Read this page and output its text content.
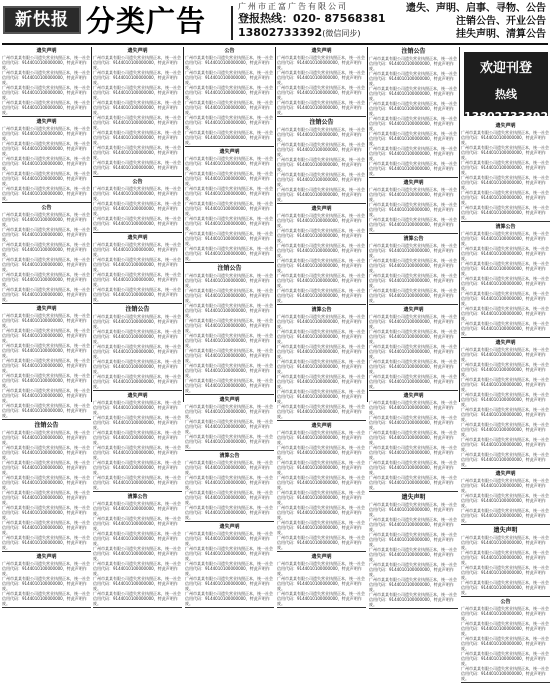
新快报 分类广告	广州市正富广告有限公司
登报热线：020- 87568381
13802733392(微信同步)
遗失、声明、启事、寻物、公告
注销公告、开业公告
挂失声明、清算公告
欢迎刊登
热线 13802733392
遗失声明
广州市某某有限公司遗失营业执照正本，统一社会信用代码：9144010100000000，特此声明作废。
广州市某某有限公司遗失营业执照正本，统一社会信用代码：9144010100000000，特此声明作废。
广州市某某有限公司遗失营业执照正本，统一社会信用代码：9144010100000000，特此声明作废。
广州市某某有限公司遗失营业执照正本，统一社会信用代码：9144010100000000，特此声明作废。
遗失声明
广州市某某有限公司遗失营业执照正本，统一社会信用代码：9144010100000000，特此声明作废。
广州市某某有限公司遗失营业执照正本，统一社会信用代码：9144010100000000，特此声明作废。
广州市某某有限公司遗失营业执照正本，统一社会信用代码：9144010100000000，特此声明作废。
广州市某某有限公司遗失营业执照正本，统一社会信用代码：9144010100000000，特此声明作废。
广州市某某有限公司遗失营业执照正本，统一社会信用代码：9144010100000000，特此声明作废。
公告
广州市某某有限公司遗失营业执照正本，统一社会信用代码：9144010100000000，特此声明作废。
广州市某某有限公司遗失营业执照正本，统一社会信用代码：9144010100000000，特此声明作废。
广州市某某有限公司遗失营业执照正本，统一社会信用代码：9144010100000000，特此声明作废。
广州市某某有限公司遗失营业执照正本，统一社会信用代码：9144010100000000，特此声明作废。
广州市某某有限公司遗失营业执照正本，统一社会信用代码：9144010100000000，特此声明作废。
广州市某某有限公司遗失营业执照正本，统一社会信用代码：9144010100000000，特此声明作废。
遗失声明
广州市某某有限公司遗失营业执照正本，统一社会信用代码：9144010100000000，特此声明作废。
广州市某某有限公司遗失营业执照正本，统一社会信用代码：9144010100000000，特此声明作废。
广州市某某有限公司遗失营业执照正本，统一社会信用代码：9144010100000000，特此声明作废。
广州市某某有限公司遗失营业执照正本，统一社会信用代码：9144010100000000，特此声明作废。
广州市某某有限公司遗失营业执照正本，统一社会信用代码：9144010100000000，特此声明作废。
广州市某某有限公司遗失营业执照正本，统一社会信用代码：9144010100000000，特此声明作废。
广州市某某有限公司遗失营业执照正本，统一社会信用代码：9144010100000000，特此声明作废。
注销公告
广州市某某有限公司遗失营业执照正本，统一社会信用代码：9144010100000000，特此声明作废。
广州市某某有限公司遗失营业执照正本，统一社会信用代码：9144010100000000，特此声明作废。
广州市某某有限公司遗失营业执照正本，统一社会信用代码：9144010100000000，特此声明作废。
广州市某某有限公司遗失营业执照正本，统一社会信用代码：9144010100000000，特此声明作废。
广州市某某有限公司遗失营业执照正本，统一社会信用代码：9144010100000000，特此声明作废。
广州市某某有限公司遗失营业执照正本，统一社会信用代码：9144010100000000，特此声明作废。
广州市某某有限公司遗失营业执照正本，统一社会信用代码：9144010100000000，特此声明作废。
广州市某某有限公司遗失营业执照正本，统一社会信用代码：9144010100000000，特此声明作废。
遗失声明
广州市某某有限公司遗失营业执照正本，统一社会信用代码：9144010100000000，特此声明作废。
广州市某某有限公司遗失营业执照正本，统一社会信用代码：9144010100000000，特此声明作废。
广州市某某有限公司遗失营业执照正本，统一社会信用代码：9144010100000000，特此声明作废。
遗失声明
广州市某某有限公司遗失营业执照正本，统一社会信用代码：9144010100000000，特此声明作废。
广州市某某有限公司遗失营业执照正本，统一社会信用代码：9144010100000000，特此声明作废。
广州市某某有限公司遗失营业执照正本，统一社会信用代码：9144010100000000，特此声明作废。
广州市某某有限公司遗失营业执照正本，统一社会信用代码：9144010100000000，特此声明作废。
广州市某某有限公司遗失营业执照正本，统一社会信用代码：9144010100000000，特此声明作废。
广州市某某有限公司遗失营业执照正本，统一社会信用代码：9144010100000000，特此声明作废。
广州市某某有限公司遗失营业执照正本，统一社会信用代码：9144010100000000，特此声明作废。
广州市某某有限公司遗失营业执照正本，统一社会信用代码：9144010100000000，特此声明作废。
公告
广州市某某有限公司遗失营业执照正本，统一社会信用代码：9144010100000000，特此声明作废。
广州市某某有限公司遗失营业执照正本，统一社会信用代码：9144010100000000，特此声明作废。
广州市某某有限公司遗失营业执照正本，统一社会信用代码：9144010100000000，特此声明作废。
遗失声明
广州市某某有限公司遗失营业执照正本，统一社会信用代码：9144010100000000，特此声明作废。
广州市某某有限公司遗失营业执照正本，统一社会信用代码：9144010100000000，特此声明作废。
广州市某某有限公司遗失营业执照正本，统一社会信用代码：9144010100000000，特此声明作废。
广州市某某有限公司遗失营业执照正本，统一社会信用代码：9144010100000000，特此声明作废。
注销公告
广州市某某有限公司遗失营业执照正本，统一社会信用代码：9144010100000000，特此声明作废。
广州市某某有限公司遗失营业执照正本，统一社会信用代码：9144010100000000，特此声明作废。
广州市某某有限公司遗失营业执照正本，统一社会信用代码：9144010100000000，特此声明作废。
广州市某某有限公司遗失营业执照正本，统一社会信用代码：9144010100000000，特此声明作废。
广州市某某有限公司遗失营业执照正本，统一社会信用代码：9144010100000000，特此声明作废。
遗失声明
广州市某某有限公司遗失营业执照正本，统一社会信用代码：9144010100000000，特此声明作废。
广州市某某有限公司遗失营业执照正本，统一社会信用代码：9144010100000000，特此声明作废。
广州市某某有限公司遗失营业执照正本，统一社会信用代码：9144010100000000，特此声明作废。
广州市某某有限公司遗失营业执照正本，统一社会信用代码：9144010100000000，特此声明作废。
广州市某某有限公司遗失营业执照正本，统一社会信用代码：9144010100000000，特此声明作废。
广州市某某有限公司遗失营业执照正本，统一社会信用代码：9144010100000000，特此声明作废。
清算公告
广州市某某有限公司遗失营业执照正本，统一社会信用代码：9144010100000000，特此声明作废。
广州市某某有限公司遗失营业执照正本，统一社会信用代码：9144010100000000，特此声明作废。
广州市某某有限公司遗失营业执照正本，统一社会信用代码：9144010100000000，特此声明作废。
广州市某某有限公司遗失营业执照正本，统一社会信用代码：9144010100000000，特此声明作废。
广州市某某有限公司遗失营业执照正本，统一社会信用代码：9144010100000000，特此声明作废。
广州市某某有限公司遗失营业执照正本，统一社会信用代码：9144010100000000，特此声明作废。
广州市某某有限公司遗失营业执照正本，统一社会信用代码：9144010100000000，特此声明作废。
公告
广州市某某有限公司遗失营业执照正本，统一社会信用代码：9144010100000000，特此声明作废。
广州市某某有限公司遗失营业执照正本，统一社会信用代码：9144010100000000，特此声明作废。
广州市某某有限公司遗失营业执照正本，统一社会信用代码：9144010100000000，特此声明作废。
广州市某某有限公司遗失营业执照正本，统一社会信用代码：9144010100000000，特此声明作废。
广州市某某有限公司遗失营业执照正本，统一社会信用代码：9144010100000000，特此声明作废。
广州市某某有限公司遗失营业执照正本，统一社会信用代码：9144010100000000，特此声明作废。
遗失声明
广州市某某有限公司遗失营业执照正本，统一社会信用代码：9144010100000000，特此声明作废。
广州市某某有限公司遗失营业执照正本，统一社会信用代码：9144010100000000，特此声明作废。
广州市某某有限公司遗失营业执照正本，统一社会信用代码：9144010100000000，特此声明作废。
广州市某某有限公司遗失营业执照正本，统一社会信用代码：9144010100000000，特此声明作废。
广州市某某有限公司遗失营业执照正本，统一社会信用代码：9144010100000000，特此声明作废。
广州市某某有限公司遗失营业执照正本，统一社会信用代码：9144010100000000，特此声明作废。
广州市某某有限公司遗失营业执照正本，统一社会信用代码：9144010100000000，特此声明作废。
注销公告
广州市某某有限公司遗失营业执照正本，统一社会信用代码：9144010100000000，特此声明作废。
广州市某某有限公司遗失营业执照正本，统一社会信用代码：9144010100000000，特此声明作废。
广州市某某有限公司遗失营业执照正本，统一社会信用代码：9144010100000000，特此声明作废。
广州市某某有限公司遗失营业执照正本，统一社会信用代码：9144010100000000，特此声明作废。
广州市某某有限公司遗失营业执照正本，统一社会信用代码：9144010100000000，特此声明作废。
广州市某某有限公司遗失营业执照正本，统一社会信用代码：9144010100000000，特此声明作废。
广州市某某有限公司遗失营业执照正本，统一社会信用代码：9144010100000000，特此声明作废。
广州市某某有限公司遗失营业执照正本，统一社会信用代码：9144010100000000，特此声明作废。
遗失声明
广州市某某有限公司遗失营业执照正本，统一社会信用代码：9144010100000000，特此声明作废。
广州市某某有限公司遗失营业执照正本，统一社会信用代码：9144010100000000，特此声明作废。
广州市某某有限公司遗失营业执照正本，统一社会信用代码：9144010100000000，特此声明作废。
清算公告
广州市某某有限公司遗失营业执照正本，统一社会信用代码：9144010100000000，特此声明作废。
广州市某某有限公司遗失营业执照正本，统一社会信用代码：9144010100000000，特此声明作废。
广州市某某有限公司遗失营业执照正本，统一社会信用代码：9144010100000000，特此声明作废。
广州市某某有限公司遗失营业执照正本，统一社会信用代码：9144010100000000，特此声明作废。
遗失声明
广州市某某有限公司遗失营业执照正本，统一社会信用代码：9144010100000000，特此声明作废。
广州市某某有限公司遗失营业执照正本，统一社会信用代码：9144010100000000，特此声明作废。
广州市某某有限公司遗失营业执照正本，统一社会信用代码：9144010100000000，特此声明作废。
广州市某某有限公司遗失营业执照正本，统一社会信用代码：9144010100000000，特此声明作废。
广州市某某有限公司遗失营业执照正本，统一社会信用代码：9144010100000000，特此声明作废。
遗失声明
广州市某某有限公司遗失营业执照正本，统一社会信用代码：9144010100000000，特此声明作废。
广州市某某有限公司遗失营业执照正本，统一社会信用代码：9144010100000000，特此声明作废。
广州市某某有限公司遗失营业执照正本，统一社会信用代码：9144010100000000，特此声明作废。
广州市某某有限公司遗失营业执照正本，统一社会信用代码：9144010100000000，特此声明作废。
注销公告
广州市某某有限公司遗失营业执照正本，统一社会信用代码：9144010100000000，特此声明作废。
广州市某某有限公司遗失营业执照正本，统一社会信用代码：9144010100000000，特此声明作废。
广州市某某有限公司遗失营业执照正本，统一社会信用代码：9144010100000000，特此声明作废。
广州市某某有限公司遗失营业执照正本，统一社会信用代码：9144010100000000，特此声明作废。
广州市某某有限公司遗失营业执照正本，统一社会信用代码：9144010100000000，特此声明作废。
遗失声明
广州市某某有限公司遗失营业执照正本，统一社会信用代码：9144010100000000，特此声明作废。
广州市某某有限公司遗失营业执照正本，统一社会信用代码：9144010100000000，特此声明作废。
广州市某某有限公司遗失营业执照正本，统一社会信用代码：9144010100000000，特此声明作废。
广州市某某有限公司遗失营业执照正本，统一社会信用代码：9144010100000000，特此声明作废。
广州市某某有限公司遗失营业执照正本，统一社会信用代码：9144010100000000，特此声明作废。
广州市某某有限公司遗失营业执照正本，统一社会信用代码：9144010100000000，特此声明作废。
清算公告
广州市某某有限公司遗失营业执照正本，统一社会信用代码：9144010100000000，特此声明作废。
广州市某某有限公司遗失营业执照正本，统一社会信用代码：9144010100000000，特此声明作废。
广州市某某有限公司遗失营业执照正本，统一社会信用代码：9144010100000000，特此声明作废。
广州市某某有限公司遗失营业执照正本，统一社会信用代码：9144010100000000，特此声明作废。
广州市某某有限公司遗失营业执照正本，统一社会信用代码：9144010100000000，特此声明作废。
广州市某某有限公司遗失营业执照正本，统一社会信用代码：9144010100000000，特此声明作废。
广州市某某有限公司遗失营业执照正本，统一社会信用代码：9144010100000000，特此声明作废。
遗失声明
广州市某某有限公司遗失营业执照正本，统一社会信用代码：9144010100000000，特此声明作废。
广州市某某有限公司遗失营业执照正本，统一社会信用代码：9144010100000000，特此声明作废。
广州市某某有限公司遗失营业执照正本，统一社会信用代码：9144010100000000，特此声明作废。
广州市某某有限公司遗失营业执照正本，统一社会信用代码：9144010100000000，特此声明作废。
广州市某某有限公司遗失营业执照正本，统一社会信用代码：9144010100000000，特此声明作废。
广州市某某有限公司遗失营业执照正本，统一社会信用代码：9144010100000000，特此声明作废。
广州市某某有限公司遗失营业执照正本，统一社会信用代码：9144010100000000，特此声明作废。
广州市某某有限公司遗失营业执照正本，统一社会信用代码：9144010100000000，特此声明作废。
遗失声明
广州市某某有限公司遗失营业执照正本，统一社会信用代码：9144010100000000，特此声明作废。
广州市某某有限公司遗失营业执照正本，统一社会信用代码：9144010100000000，特此声明作废。
广州市某某有限公司遗失营业执照正本，统一社会信用代码：9144010100000000，特此声明作废。
注销公告
广州市某某有限公司遗失营业执照正本，统一社会信用代码：9144010100000000，特此声明作废。
广州市某某有限公司遗失营业执照正本，统一社会信用代码：9144010100000000，特此声明作废。
广州市某某有限公司遗失营业执照正本，统一社会信用代码：9144010100000000，特此声明作废。
广州市某某有限公司遗失营业执照正本，统一社会信用代码：9144010100000000，特此声明作废。
广州市某某有限公司遗失营业执照正本，统一社会信用代码：9144010100000000，特此声明作废。
广州市某某有限公司遗失营业执照正本，统一社会信用代码：9144010100000000，特此声明作废。
广州市某某有限公司遗失营业执照正本，统一社会信用代码：9144010100000000，特此声明作废。
广州市某某有限公司遗失营业执照正本，统一社会信用代码：9144010100000000，特此声明作废。
遗失声明
广州市某某有限公司遗失营业执照正本，统一社会信用代码：9144010100000000，特此声明作废。
广州市某某有限公司遗失营业执照正本，统一社会信用代码：9144010100000000，特此声明作废。
广州市某某有限公司遗失营业执照正本，统一社会信用代码：9144010100000000，特此声明作废。
清算公告
广州市某某有限公司遗失营业执照正本，统一社会信用代码：9144010100000000，特此声明作废。
广州市某某有限公司遗失营业执照正本，统一社会信用代码：9144010100000000，特此声明作废。
广州市某某有限公司遗失营业执照正本，统一社会信用代码：9144010100000000，特此声明作废。
广州市某某有限公司遗失营业执照正本，统一社会信用代码：9144010100000000，特此声明作废。
遗失声明
广州市某某有限公司遗失营业执照正本，统一社会信用代码：9144010100000000，特此声明作废。
广州市某某有限公司遗失营业执照正本，统一社会信用代码：9144010100000000，特此声明作废。
广州市某某有限公司遗失营业执照正本，统一社会信用代码：9144010100000000，特此声明作废。
广州市某某有限公司遗失营业执照正本，统一社会信用代码：9144010100000000，特此声明作废。
广州市某某有限公司遗失营业执照正本，统一社会信用代码：9144010100000000，特此声明作废。
遗失声明
广州市某某有限公司遗失营业执照正本，统一社会信用代码：9144010100000000，特此声明作废。
广州市某某有限公司遗失营业执照正本，统一社会信用代码：9144010100000000，特此声明作废。
广州市某某有限公司遗失营业执照正本，统一社会信用代码：9144010100000000，特此声明作废。
广州市某某有限公司遗失营业执照正本，统一社会信用代码：9144010100000000，特此声明作废。
广州市某某有限公司遗失营业执照正本，统一社会信用代码：9144010100000000，特此声明作废。
广州市某某有限公司遗失营业执照正本，统一社会信用代码：9144010100000000，特此声明作废。
遗失声明
广州市某某有限公司遗失营业执照正本，统一社会信用代码：9144010100000000，特此声明作废。
广州市某某有限公司遗失营业执照正本，统一社会信用代码：9144010100000000，特此声明作废。
广州市某某有限公司遗失营业执照正本，统一社会信用代码：9144010100000000，特此声明作废。
广州市某某有限公司遗失营业执照正本，统一社会信用代码：9144010100000000，特此声明作废。
广州市某某有限公司遗失营业执照正本，统一社会信用代码：9144010100000000，特此声明作废。
广州市某某有限公司遗失营业执照正本，统一社会信用代码：9144010100000000，特此声明作废。
广州市某某有限公司遗失营业执照正本，统一社会信用代码：9144010100000000，特此声明作废。
遗失声明
广州市某某有限公司遗失营业执照正本，统一社会信用代码：9144010100000000，特此声明作废。
广州市某某有限公司遗失营业执照正本，统一社会信用代码：9144010100000000，特此声明作废。
广州市某某有限公司遗失营业执照正本，统一社会信用代码：9144010100000000，特此声明作废。
广州市某某有限公司遗失营业执照正本，统一社会信用代码：9144010100000000，特此声明作废。
广州市某某有限公司遗失营业执照正本，统一社会信用代码：9144010100000000，特此声明作废。
广州市某某有限公司遗失营业执照正本，统一社会信用代码：9144010100000000，特此声明作废。
清算公告
广州市某某有限公司遗失营业执照正本，统一社会信用代码：9144010100000000，特此声明作废。
广州市某某有限公司遗失营业执照正本，统一社会信用代码：9144010100000000，特此声明作废。
广州市某某有限公司遗失营业执照正本，统一社会信用代码：9144010100000000，特此声明作废。
广州市某某有限公司遗失营业执照正本，统一社会信用代码：9144010100000000，特此声明作废。
广州市某某有限公司遗失营业执照正本，统一社会信用代码：9144010100000000，特此声明作废。
广州市某某有限公司遗失营业执照正本，统一社会信用代码：9144010100000000，特此声明作废。
广州市某某有限公司遗失营业执照正本，统一社会信用代码：9144010100000000，特此声明作废。
遗失声明
广州市某某有限公司遗失营业执照正本，统一社会信用代码：9144010100000000，特此声明作废。
广州市某某有限公司遗失营业执照正本，统一社会信用代码：9144010100000000，特此声明作废。
广州市某某有限公司遗失营业执照正本，统一社会信用代码：9144010100000000，特此声明作废。
广州市某某有限公司遗失营业执照正本，统一社会信用代码：9144010100000000，特此声明作废。
广州市某某有限公司遗失营业执照正本，统一社会信用代码：9144010100000000，特此声明作废。
广州市某某有限公司遗失营业执照正本，统一社会信用代码：9144010100000000，特此声明作废。
广州市某某有限公司遗失营业执照正本，统一社会信用代码：9144010100000000，特此声明作废。
广州市某某有限公司遗失营业执照正本，统一社会信用代码：9144010100000000，特此声明作废。
遗失声明
广州市某某有限公司遗失营业执照正本，统一社会信用代码：9144010100000000，特此声明作废。
广州市某某有限公司遗失营业执照正本，统一社会信用代码：9144010100000000，特此声明作废。
广州市某某有限公司遗失营业执照正本，统一社会信用代码：9144010100000000，特此声明作废。
遗失声明
广州市某某有限公司遗失营业执照正本，统一社会信用代码：9144010100000000，特此声明作废。
广州市某某有限公司遗失营业执照正本，统一社会信用代码：9144010100000000，特此声明作废。
广州市某某有限公司遗失营业执照正本，统一社会信用代码：9144010100000000，特此声明作废。
广州市某某有限公司遗失营业执照正本，统一社会信用代码：9144010100000000，特此声明作废。
公告
广州市某某有限公司遗失营业执照正本，统一社会信用代码：9144010100000000，特此声明作废。
广州市某某有限公司遗失营业执照正本，统一社会信用代码：9144010100000000，特此声明作废。
广州市某某有限公司遗失营业执照正本，统一社会信用代码：9144010100000000，特此声明作废。
广州市某某有限公司遗失营业执照正本，统一社会信用代码：9144010100000000，特此声明作废。
广州市某某有限公司遗失营业执照正本，统一社会信用代码：9144010100000000，特此声明作废。
